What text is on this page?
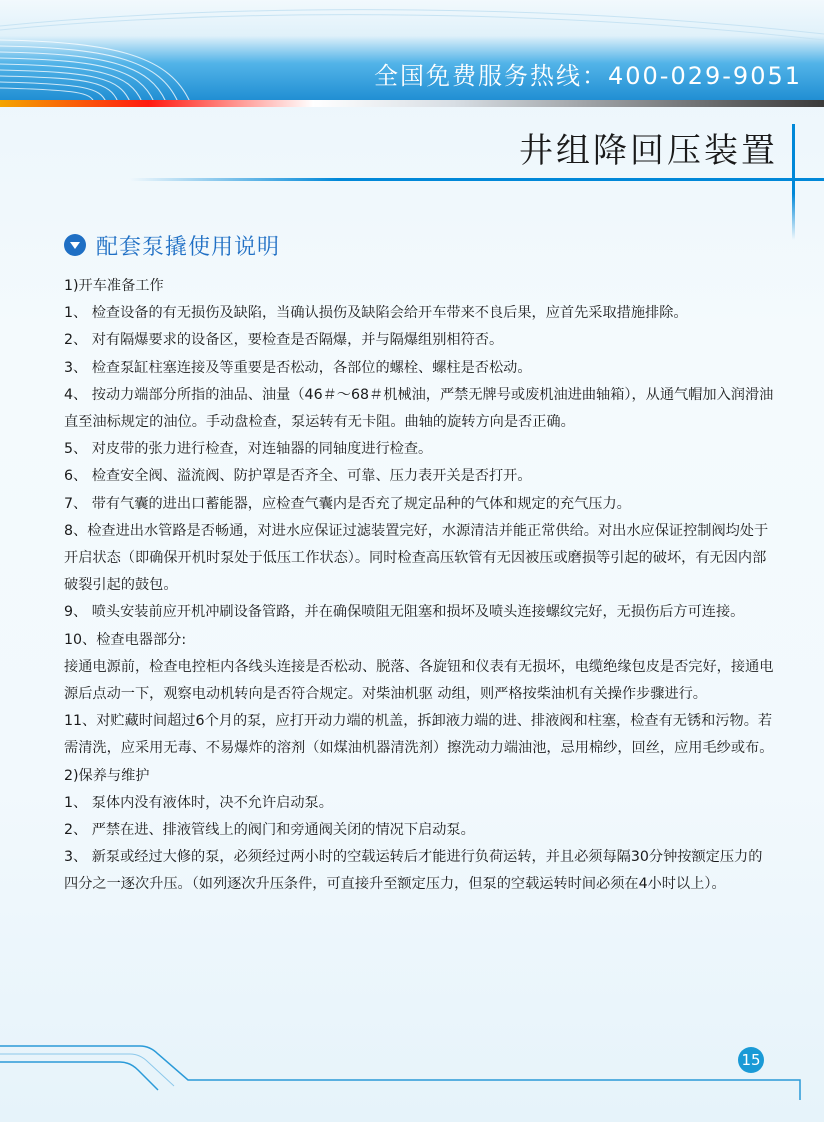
全国免费服务热线：400-029-9051
井组降回压装置
配套泵撬使用说明

1)开车准备工作

1、 检查设备的有无损伤及缺陷，当确认损伤及缺陷会给开车带来不良后果，应首先采取措施排除。

2、 对有隔爆要求的设备区，要检查是否隔爆，并与隔爆组别相符否。

3、 检查泵缸柱塞连接及等重要是否松动，各部位的螺栓、螺柱是否松动。

4、 按动力端部分所指的油品、油量（46＃～68＃机械油，严禁无牌号或废机油进曲轴箱），从通气帽加入润滑油直至油标规定的油位。手动盘检查，泵运转有无卡阻。曲轴的旋转方向是否正确。

5、 对皮带的张力进行检查，对连轴器的同轴度进行检查。

6、 检查安全阀、溢流阀、防护罩是否齐全、可靠、压力表开关是否打开。

7、 带有气囊的进出口蓄能器，应检查气囊内是否充了规定品种的气体和规定的充气压力。

8、检查进出水管路是否畅通，对进水应保证过滤装置完好，水源清洁并能正常供给。对出水应保证控制阀均处于开启状态（即确保开机时泵处于低压工作状态）。同时检查高压软管有无因被压或磨损等引起的破坏，有无因内部破裂引起的鼓包。

9、 喷头安装前应开机冲刷设备管路，并在确保喷阻无阻塞和损坏及喷头连接螺纹完好，无损伤后方可连接。

10、检查电器部分:

接通电源前，检查电控柜内各线头连接是否松动、脱落、各旋钮和仪表有无损坏，电缆绝缘包皮是否完好，接通电源后点动一下，观察电动机转向是否符合规定。对柴油机驱 动组，则严格按柴油机有关操作步骤进行。

11、对贮藏时间超过6个月的泵，应打开动力端的机盖，拆卸液力端的进、排液阀和柱塞，检查有无锈和污物。若需清洗，应采用无毒、不易爆炸的溶剂（如煤油机器清洗剂）擦洗动力端油池，忌用棉纱，回丝，应用毛纱或布。

2)保养与维护

1、 泵体内没有液体时，决不允许启动泵。

2、 严禁在进、排液管线上的阀门和旁通阀关闭的情况下启动泵。

3、 新泵或经过大修的泵，必须经过两小时的空载运转后才能进行负荷运转，并且必须每隔30分钟按额定压力的四分之一逐次升压。（如列逐次升压条件，可直接升至额定压力，但泵的空载运转时间必须在4小时以上）。

15
